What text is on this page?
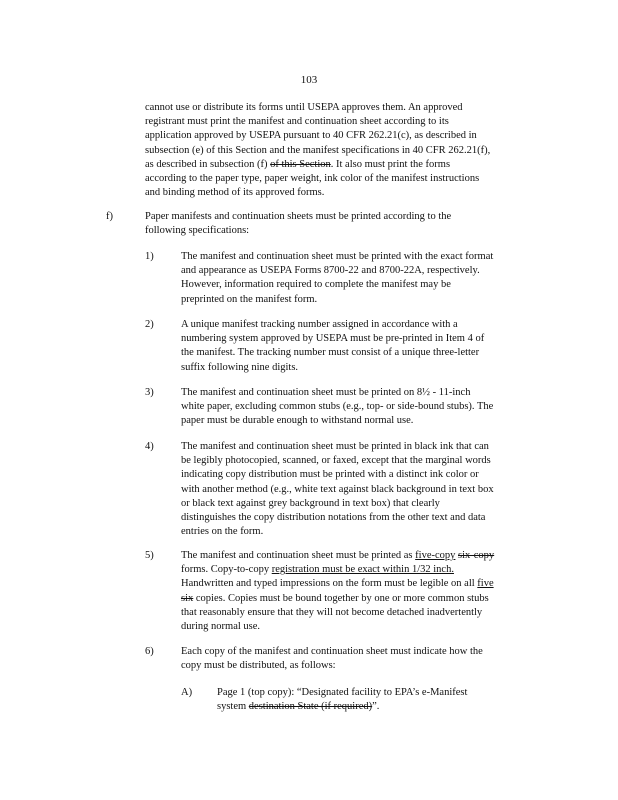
103

cannot use or distribute its forms until USEPA approves them. An approved

registrant must print the manifest and continuation sheet according to its

application approved by USEPA pursuant to 40 CFR 262.21(c), as described in

subsection (e) of this Section and the manifest specifications in 40 CFR 262.21(f),

as described in subsection (f) of this Section. It also must print the forms

according to the paper type, paper weight, ink color of the manifest instructions

and binding method of its approved forms.

f)	Paper manifests and continuation sheets must be printed according to the

following specifications:

1)	The manifest and continuation sheet must be printed with the exact format

and appearance as USEPA Forms 8700-22 and 8700-22A, respectively.

However, information required to complete the manifest may be

preprinted on the manifest form.

2)	A unique manifest tracking number assigned in accordance with a

numbering system approved by USEPA must be pre-printed in Item 4 of

the manifest. The tracking number must consist of a unique three-letter

suffix following nine digits.

3)	The manifest and continuation sheet must be printed on 8½ - 11-inch

white paper, excluding common stubs (e.g., top- or side-bound stubs). The

paper must be durable enough to withstand normal use.

4)	The manifest and continuation sheet must be printed in black ink that can

be legibly photocopied, scanned, or faxed, except that the marginal words

indicating copy distribution must be printed with a distinct ink color or

with another method (e.g., white text against black background in text box

or black text against grey background in text box) that clearly

distinguishes the copy distribution notations from the other text and data

entries on the form.

5)	The manifest and continuation sheet must be printed as five-copy six-copy

forms. Copy-to-copy registration must be exact within 1/32 inch.

Handwritten and typed impressions on the form must be legible on all five

six copies. Copies must be bound together by one or more common stubs

that reasonably ensure that they will not become detached inadvertently

during normal use.

6)	Each copy of the manifest and continuation sheet must indicate how the

copy must be distributed, as follows:

A) Page 1 (top copy): “Designated facility to EPA’s e-Manifest

system destination State (if required)”.
